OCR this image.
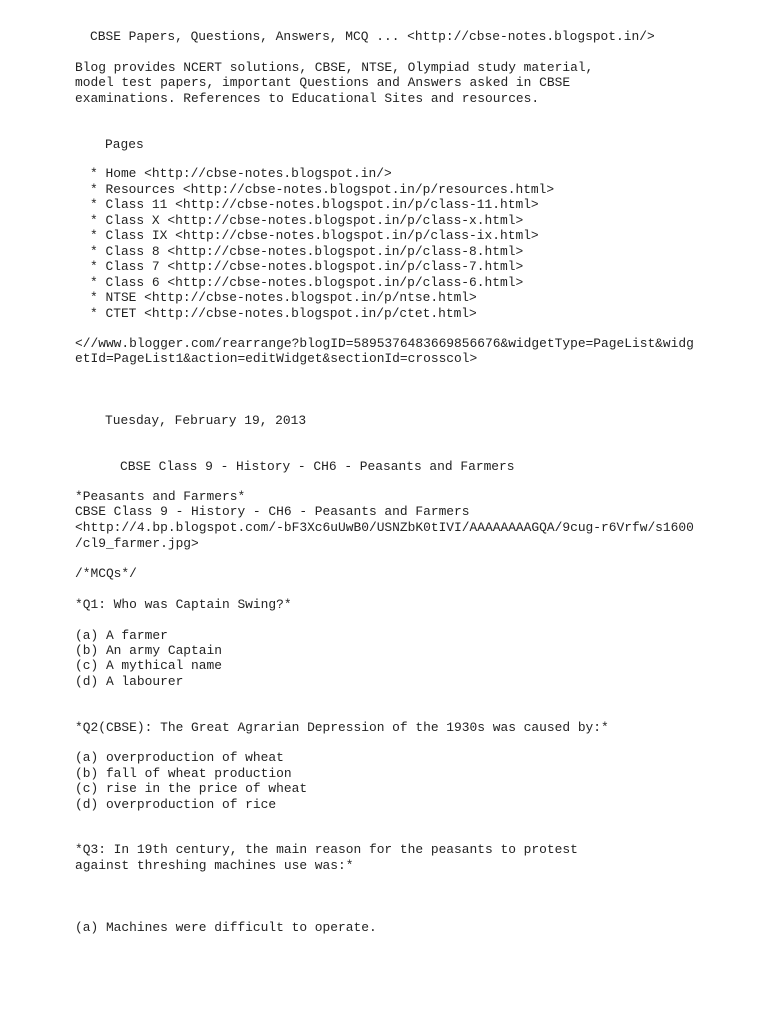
CBSE Papers, Questions, Answers, MCQ ... <http://cbse-notes.blogspot.in/>
Blog provides NCERT solutions, CBSE, NTSE, Olympiad study material,
model test papers, important Questions and Answers asked in CBSE
examinations. References to Educational Sites and resources.
Pages
* Home <http://cbse-notes.blogspot.in/>
* Resources <http://cbse-notes.blogspot.in/p/resources.html>
* Class 11 <http://cbse-notes.blogspot.in/p/class-11.html>
* Class X <http://cbse-notes.blogspot.in/p/class-x.html>
* Class IX <http://cbse-notes.blogspot.in/p/class-ix.html>
* Class 8 <http://cbse-notes.blogspot.in/p/class-8.html>
* Class 7 <http://cbse-notes.blogspot.in/p/class-7.html>
* Class 6 <http://cbse-notes.blogspot.in/p/class-6.html>
* NTSE <http://cbse-notes.blogspot.in/p/ntse.html>
* CTET <http://cbse-notes.blogspot.in/p/ctet.html>
<//www.blogger.com/rearrange?blogID=5895376483669856676&widgetType=PageList&widg
etId=PageList1&action=editWidget&sectionId=crosscol>
Tuesday, February 19, 2013
CBSE Class 9 - History - CH6 - Peasants and Farmers
*Peasants and Farmers*
CBSE Class 9 - History - CH6 - Peasants and Farmers
<http://4.bp.blogspot.com/-bF3Xc6uUwB0/USNZbK0tIVI/AAAAAAAAGQA/9cug-r6Vrfw/s1600
/cl9_farmer.jpg>
/*MCQs*/
*Q1: Who was Captain Swing?*
(a) A farmer
(b) An army Captain
(c) A mythical name
(d) A labourer
*Q2(CBSE): The Great Agrarian Depression of the 1930s was caused by:*
(a) overproduction of wheat
(b) fall of wheat production
(c) rise in the price of wheat
(d) overproduction of rice
*Q3: In 19th century, the main reason for the peasants to protest
against threshing machines use was:*
(a) Machines were difficult to operate.
